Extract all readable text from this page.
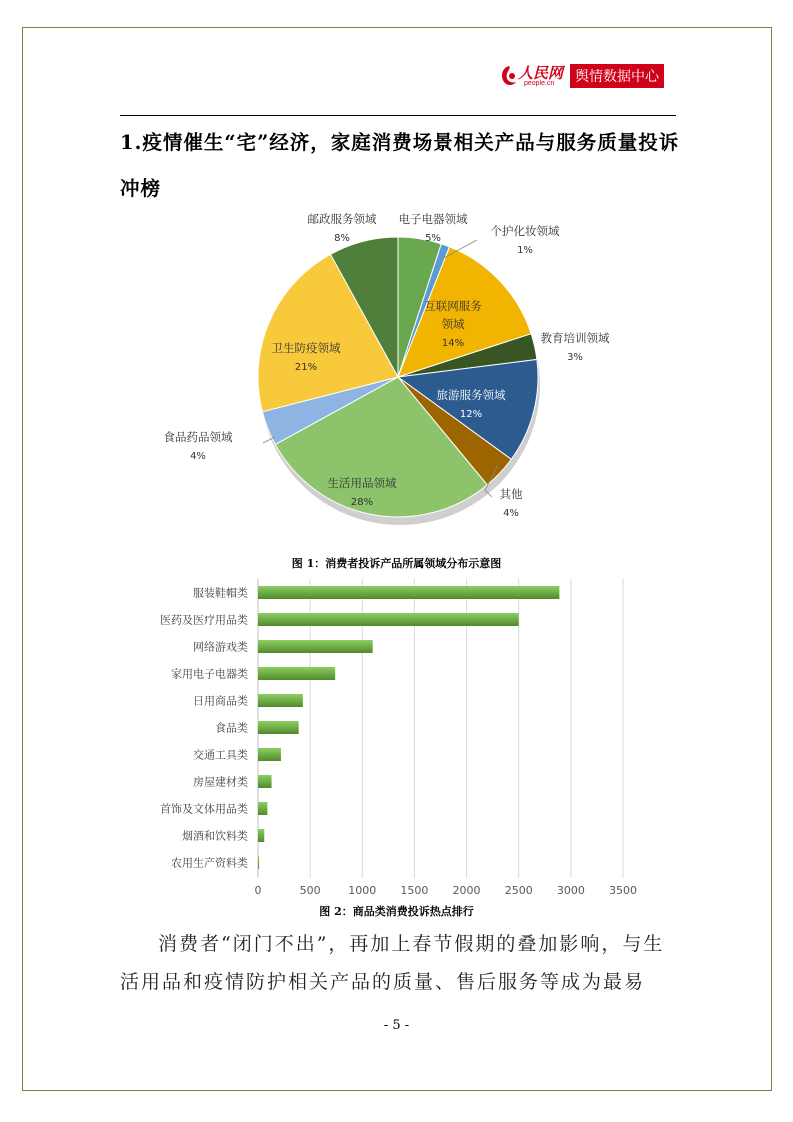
人民网
people.cn	舆情数据中心
1.疫情催生“宅”经济，家庭消费场景相关产品与服务质量投诉冲榜
邮政服务领域 8%
电子电器领域 5%
个护化妆领域 1%
互联网服务领域 14%	教育培训领域 3%
旅游服务领域 12%
其他 4%
生活用品领域 28%
食品药品领域 4%
卫生防疫领域 21%
图 1：消费者投诉产品所属领域分布示意图
0	500	1000 1500 2000 2500 3000 3500
服装鞋帽类
医药及医疗用品类
网络游戏类
家用电子电器类
日用商品类
食品类
交通工具类
房屋建材类
首饰及文体用品类
烟酒和饮料类
农用生产资料类
图 2：商品类消费投诉热点排行
消费者“闭门不出”，再加上春节假期的叠加影响，与生活用品和疫情防护相关产品的质量、售后服务等成为最易
- 5 -
